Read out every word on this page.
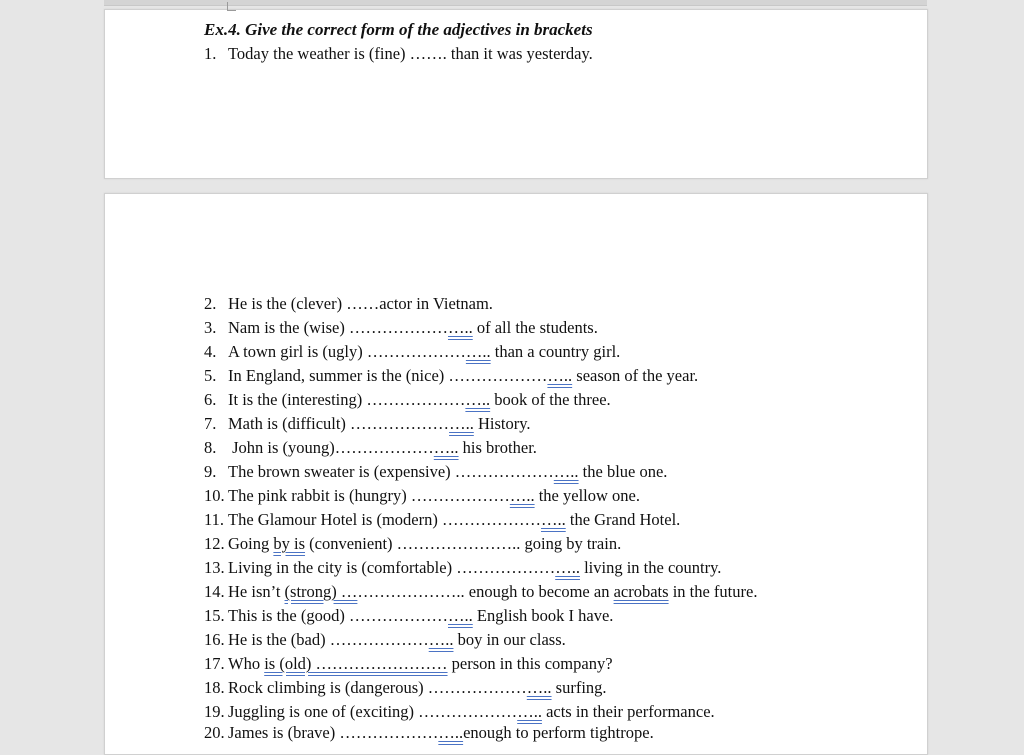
Ex.4. Give the correct form of the adjectives in brackets
1. Today the weather is (fine) ……. than it was yesterday.
2. He is the (clever) ……actor in Vietnam.
3. Nam is the (wise) ………………….. of all the students.
4. A town girl is (ugly) ………………….. than a country girl.
5. In England, summer is the (nice) ………………….. season of the year.
6. It is the (interesting) ………………….. book of the three.
7. Math is (difficult) ………………….. History.
8. John is (young)………………….. his brother.
9. The brown sweater is (expensive) ………………….. the blue one.
10. The pink rabbit is (hungry) ………………….. the yellow one.
11. The Glamour Hotel is (modern) ………………….. the Grand Hotel.
12. Going by is (convenient) ………………….. going by train.
13. Living in the city is (comfortable) ………………….. living in the country.
14. He isn’t (strong) ………………….. enough to become an acrobats in the future.
15. This is the (good) ………………….. English book I have.
16. He is the (bad) ………………….. boy in our class.
17. Who is (old) …………………… person in this company?
18. Rock climbing is (dangerous) ………………….. surfing.
19. Juggling is one of (exciting) ………………….. acts in their performance.
20. James is (brave) …………………..enough to perform tightrope.
